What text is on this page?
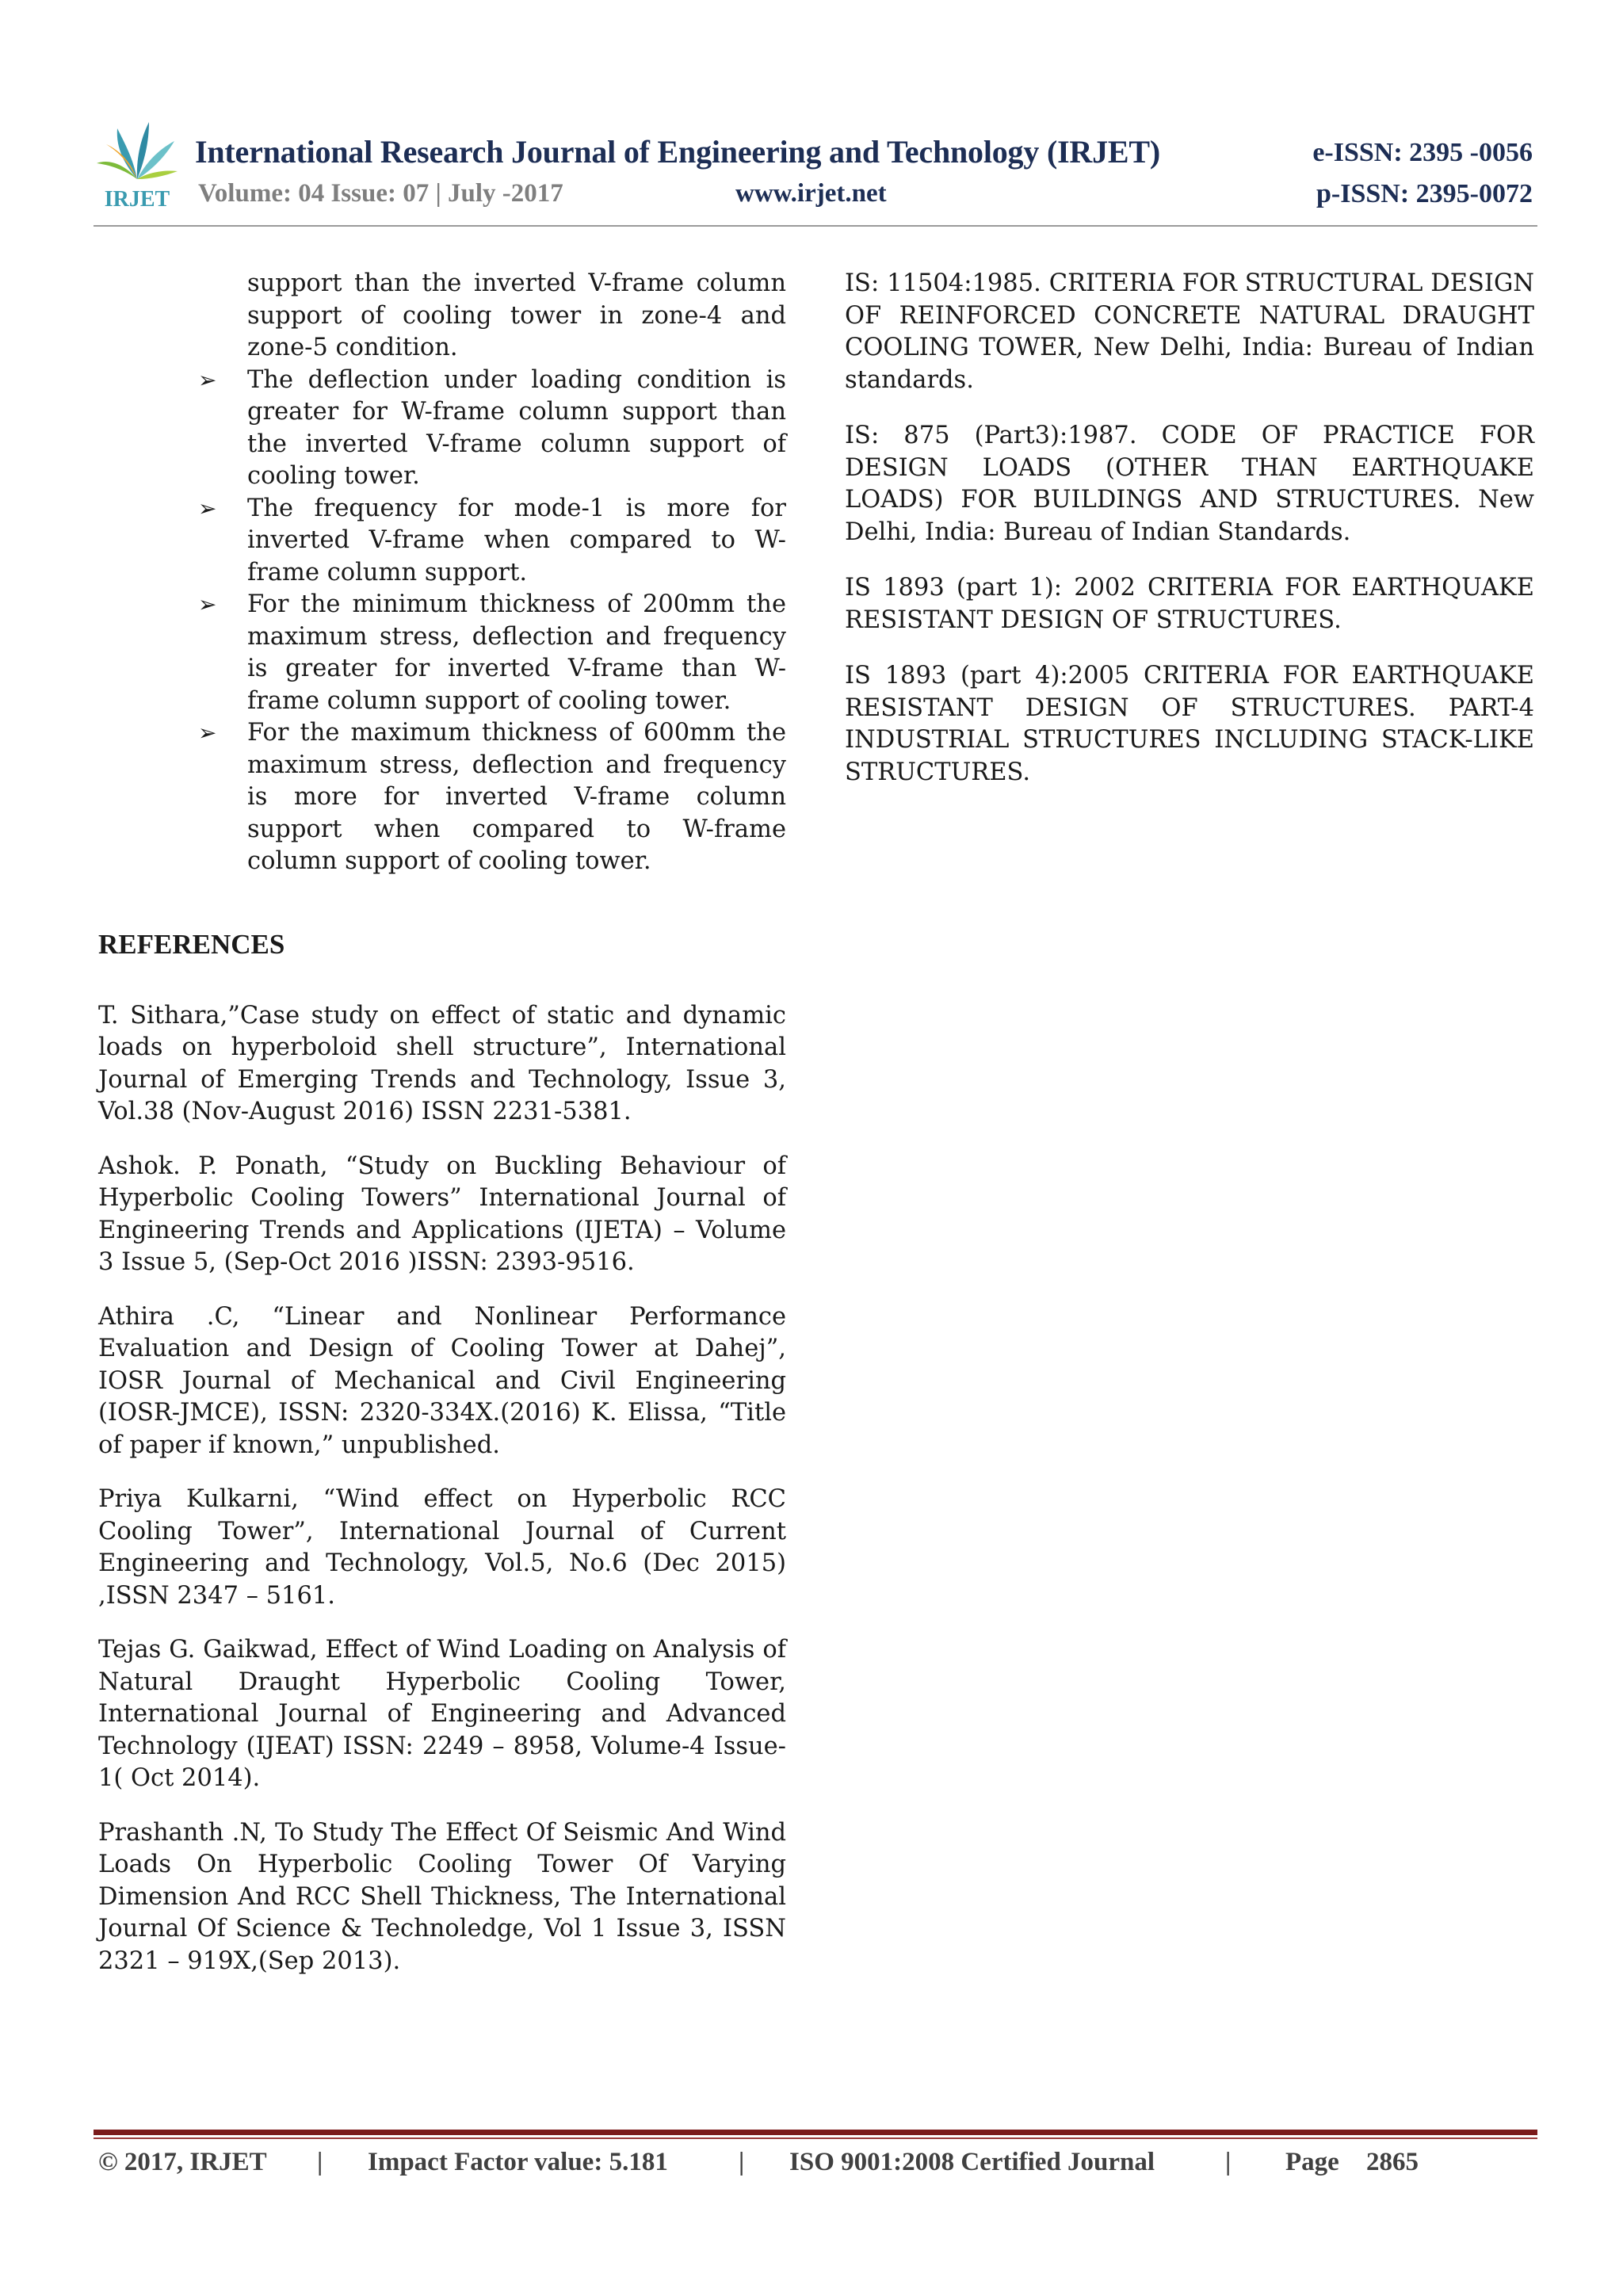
IRJET
International Research Journal of Engineering and Technology (IRJET)	e-ISSN: 2395 -0056
Volume: 04 Issue: 07 | July -2017	www.irjet.net	p-ISSN: 2395-0072
support than the inverted V-frame column support of cooling tower in zone-4 and zone-5 condition.
➢	The deflection under loading condition is greater for W-frame column support than the inverted V-frame column support of cooling tower.
➢	The frequency for mode-1 is more for inverted V-frame when compared to W-frame column support.
➢	For the minimum thickness of 200mm the maximum stress, deflection and frequency is greater for inverted V-frame than W-frame column support of cooling tower.
➢	For the maximum thickness of 600mm the maximum stress, deflection and frequency is more for inverted V-frame column support when compared to W-frame column support of cooling tower.
REFERENCES

T. Sithara,”Case study on effect of static and dynamic loads on hyperboloid shell structure”, International Journal of Emerging Trends and Technology, Issue 3, Vol.38 (Nov-August 2016) ISSN 2231-5381.

Ashok. P. Ponath, “Study on Buckling Behaviour of Hyperbolic Cooling Towers” International Journal of Engineering Trends and Applications (IJETA) – Volume 3 Issue 5, (Sep-Oct 2016 )ISSN: 2393-9516.

Athira .C, “Linear and Nonlinear Performance Evaluation and Design of Cooling Tower at Dahej”, IOSR Journal of Mechanical and Civil Engineering (IOSR-JMCE), ISSN: 2320-334X.(2016) K. Elissa, “Title of paper if known,” unpublished.

Priya Kulkarni, “Wind effect on Hyperbolic RCC Cooling Tower”, International Journal of Current Engineering and Technology, Vol.5, No.6 (Dec 2015) ,ISSN 2347 – 5161.

Tejas G. Gaikwad, Effect of Wind Loading on Analysis of Natural Draught Hyperbolic Cooling Tower, International Journal of Engineering and Advanced Technology (IJEAT) ISSN: 2249 – 8958, Volume-4 Issue-1( Oct 2014).

Prashanth .N, To Study The Effect Of Seismic And Wind Loads On Hyperbolic Cooling Tower Of Varying Dimension And RCC Shell Thickness, The International Journal Of Science & Technoledge, Vol 1 Issue 3, ISSN 2321 – 919X,(Sep 2013).

IS: 11504:1985. CRITERIA FOR STRUCTURAL DESIGN OF REINFORCED CONCRETE NATURAL DRAUGHT COOLING TOWER, New Delhi, India: Bureau of Indian standards.

IS: 875 (Part3):1987. CODE OF PRACTICE FOR DESIGN LOADS (OTHER THAN EARTHQUAKE LOADS) FOR BUILDINGS AND STRUCTURES. New Delhi, India: Bureau of Indian Standards.

IS 1893 (part 1): 2002 CRITERIA FOR EARTHQUAKE RESISTANT DESIGN OF STRUCTURES.

IS 1893 (part 4):2005 CRITERIA FOR EARTHQUAKE RESISTANT DESIGN OF STRUCTURES. PART-4 INDUSTRIAL STRUCTURES INCLUDING STACK-LIKE STRUCTURES.

© 2017, IRJET | Impact Factor value: 5.181	| ISO 9001:2008 Certified Journal	| Page 2865
